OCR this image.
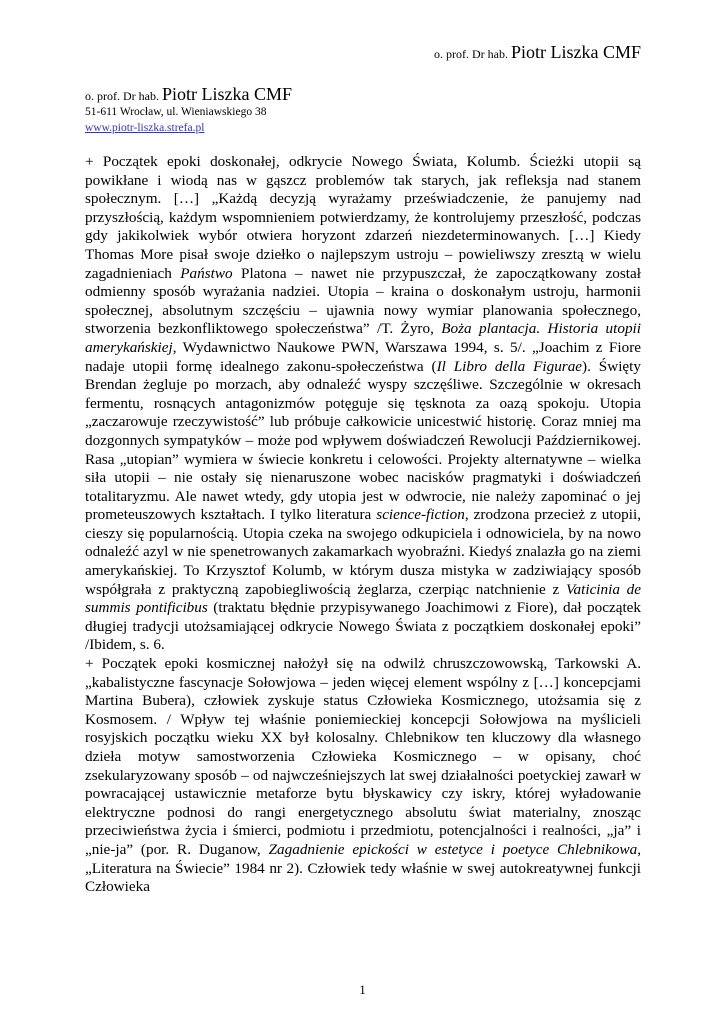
o. prof. Dr hab. Piotr Liszka CMF
o. prof. Dr hab. Piotr Liszka CMF
51-611 Wrocław, ul. Wieniawskiego 38
www.piotr-liszka.strefa.pl

+ Początek epoki doskonałej, odkrycie Nowego Świata, Kolumb. Ścieżki utopii są powikłane i wiodą nas w gąszcz problemów tak starych, jak refleksja nad stanem społecznym. […] „Każdą decyzją wyrażamy przeświadczenie, że panujemy nad przyszłością, każdym wspomnieniem potwierdzamy, że kontrolujemy przeszłość, podczas gdy jakikolwiek wybór otwiera horyzont zdarzeń niezdeterminowanych. […] Kiedy Thomas More pisał swoje dziełko o najlepszym ustroju – powieliwszy zresztą w wielu zagadnieniach Państwo Platona – nawet nie przypuszczał, że zapoczątkowany został odmienny sposób wyrażania nadziei. Utopia – kraina o doskonałym ustroju, harmonii społecznej, absolutnym szczęściu – ujawnia nowy wymiar planowania społecznego, stworzenia bezkonfliktowego społeczeństwa” /T. Żyro, Boża plantacja. Historia utopii amerykańskiej, Wydawnictwo Naukowe PWN, Warszawa 1994, s. 5/. „Joachim z Fiore nadaje utopii formę idealnego zakonu-społeczeństwa (Il Libro della Figurae). Święty Brendan żegluje po morzach, aby odnaleźć wyspy szczęśliwe. Szczególnie w okresach fermentu, rosnących antagonizmów potęguje się tęsknota za oazą spokoju. Utopia „zaczarowuje rzeczywistość” lub próbuje całkowicie unicestwić historię. Coraz mniej ma dozgonnych sympatyków – może pod wpływem doświadczeń Rewolucji Październikowej. Rasa „utopian” wymiera w świecie konkretu i celowości. Projekty alternatywne – wielka siła utopii – nie ostały się nienaruszone wobec nacisków pragmatyki i doświadczeń totalitaryzmu. Ale nawet wtedy, gdy utopia jest w odwrocie, nie należy zapominać o jej prometeuszowych kształtach. I tylko literatura science-fiction, zrodzona przecież z utopii, cieszy się popularnością. Utopia czeka na swojego odkupiciela i odnowiciela, by na nowo odnaleźć azyl w nie spenetrowanych zakamarkach wyobraźni. Kiedyś znalazła go na ziemi amerykańskiej. To Krzysztof Kolumb, w którym dusza mistyka w zadziwiający sposób współgrała z praktyczną zapobiegliwością żeglarza, czerpiąc natchnienie z Vaticinia de summis pontificibus (traktatu błędnie przypisywanego Joachimowi z Fiore), dał początek długiej tradycji utożsamiającej odkrycie Nowego Świata z początkiem doskonałej epoki” /Ibidem, s. 6.

+ Początek epoki kosmicznej nałożył się na odwilż chruszczowowską, Tarkowski A. „kabalistyczne fascynacje Sołowjowa – jeden więcej element wspólny z […] koncepcjami Martina Bubera), człowiek zyskuje status Człowieka Kosmicznego, utożsamia się z Kosmosem. / Wpływ tej właśnie poniemieckiej koncepcji Sołowjowa na myślicieli rosyjskich początku wieku XX był kolosalny. Chlebnikow ten kluczowy dla własnego dzieła motyw samostworzenia Człowieka Kosmicznego – w opisany, choć zsekularyzowany sposób – od najwcześniejszych lat swej działalności poetyckiej zawarł w powracającej ustawicznie metaforze bytu błyskawicy czy iskry, której wyładowanie elektryczne podnosi do rangi energetycznego absolutu świat materialny, znosząc przeciwieństwa życia i śmierci, podmiotu i przedmiotu, potencjalności i realności, „ja” i „nie-ja” (por. R. Duganow, Zagadnienie epickości w estetyce i poetyce Chlebnikowa, „Literatura na Świecie” 1984 nr 2). Człowiek tedy właśnie w swej autokreatywnej funkcji Człowieka

1
